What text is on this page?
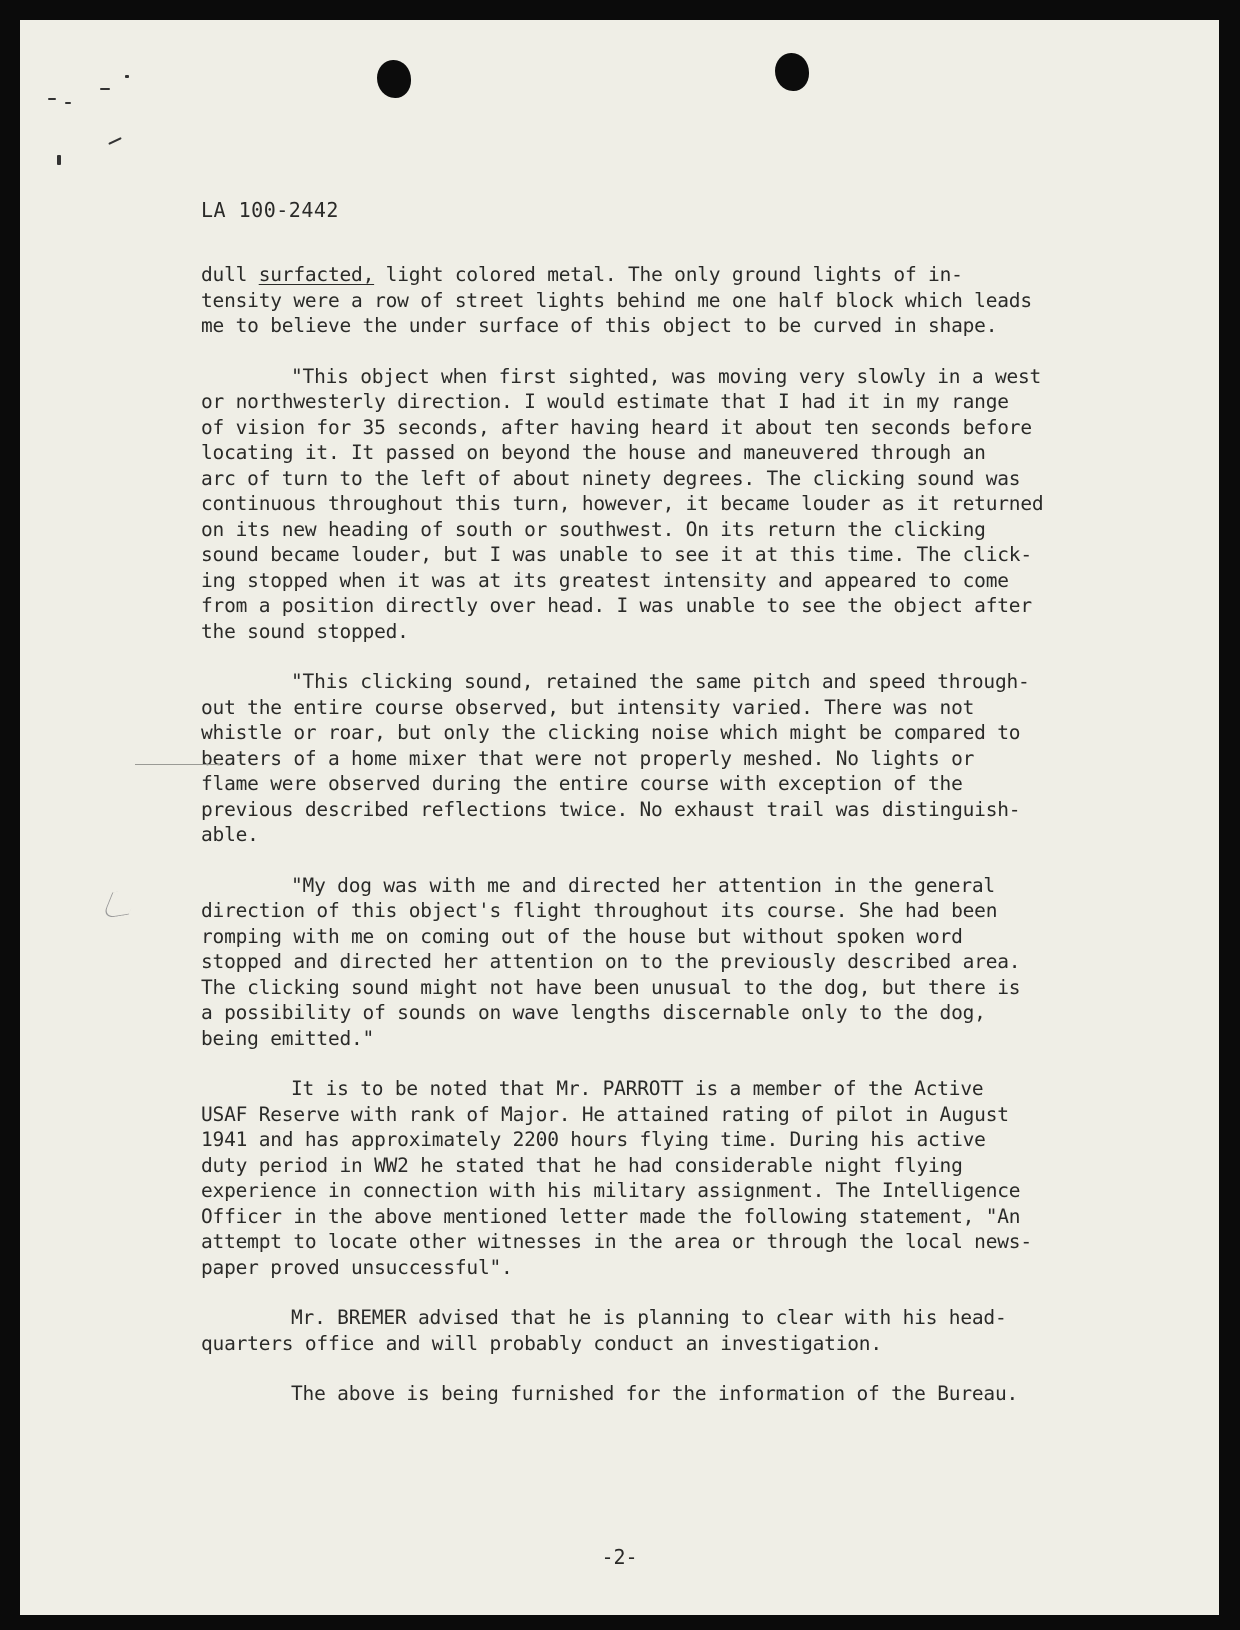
LA 100-2442
dull surfacted, light colored metal. The only ground lights of in-
tensity were a row of street lights behind me one half block which leads
me to believe the under surface of this object to be curved in shape.
"This object when first sighted, was moving very slowly in a west
or northwesterly direction. I would estimate that I had it in my range
of vision for 35 seconds, after having heard it about ten seconds before
locating it. It passed on beyond the house and maneuvered through an
arc of turn to the left of about ninety degrees. The clicking sound was
continuous throughout this turn, however, it became louder as it returned
on its new heading of south or southwest. On its return the clicking
sound became louder, but I was unable to see it at this time. The click-
ing stopped when it was at its greatest intensity and appeared to come
from a position directly over head. I was unable to see the object after
the sound stopped.
"This clicking sound, retained the same pitch and speed through-
out the entire course observed, but intensity varied. There was not
whistle or roar, but only the clicking noise which might be compared to
beaters of a home mixer that were not properly meshed. No lights or
flame were observed during the entire course with exception of the
previous described reflections twice. No exhaust trail was distinguish-
able.
"My dog was with me and directed her attention in the general
direction of this object's flight throughout its course. She had been
romping with me on coming out of the house but without spoken word
stopped and directed her attention on to the previously described area.
The clicking sound might not have been unusual to the dog, but there is
a possibility of sounds on wave lengths discernable only to the dog,
being emitted."
It is to be noted that Mr. PARROTT is a member of the Active
USAF Reserve with rank of Major. He attained rating of pilot in August
1941 and has approximately 2200 hours flying time. During his active
duty period in WW2 he stated that he had considerable night flying
experience in connection with his military assignment. The Intelligence
Officer in the above mentioned letter made the following statement, "An
attempt to locate other witnesses in the area or through the local news-
paper proved unsuccessful".
Mr. BREMER advised that he is planning to clear with his head-
quarters office and will probably conduct an investigation.
The above is being furnished for the information of the Bureau.
-2-
